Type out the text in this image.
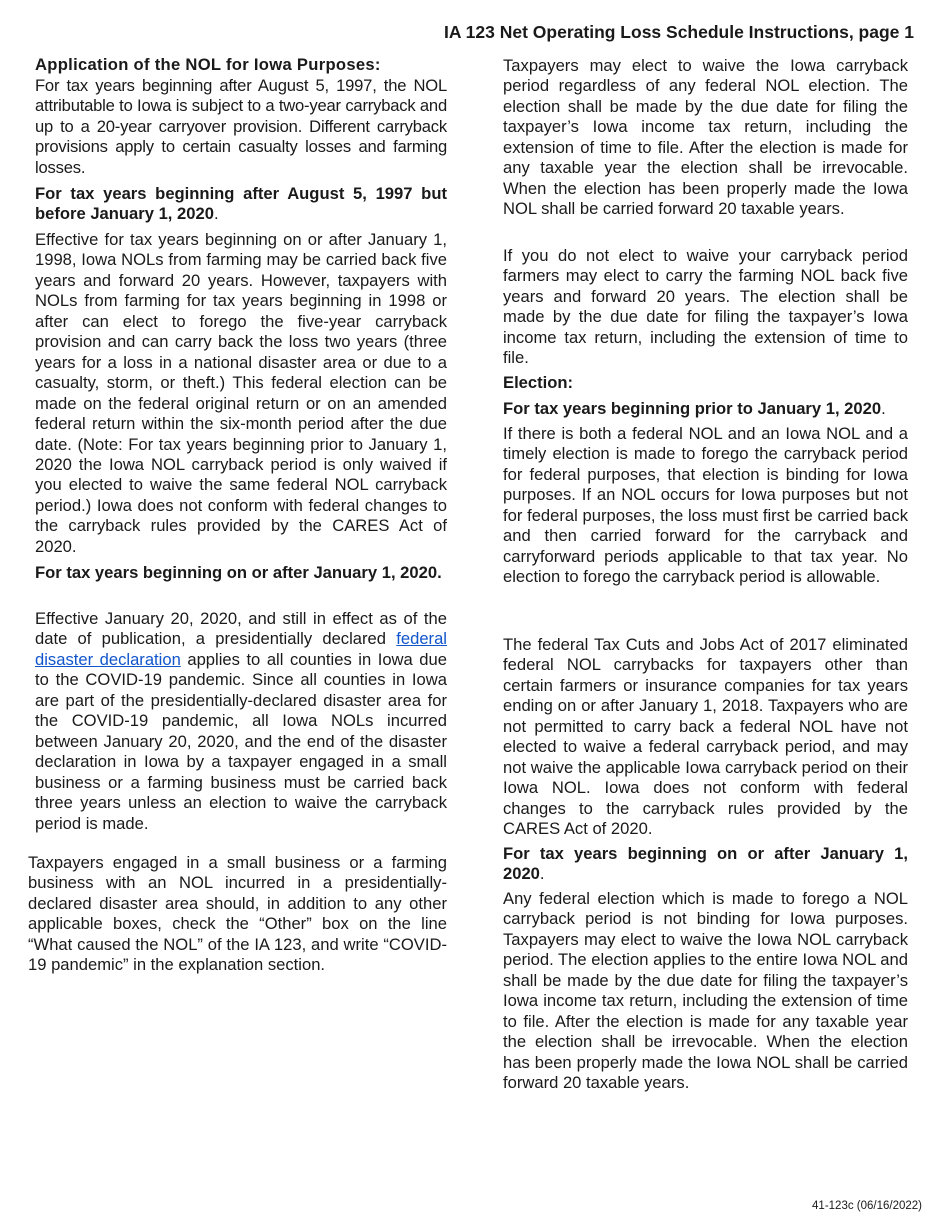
IA 123 Net Operating Loss Schedule Instructions, page 1

Application of the NOL for Iowa Purposes:

For tax years beginning after August 5, 1997, the NOL attributable to Iowa is subject to a two-year carryback and up to a 20-year carryover provision. Different carryback provisions apply to certain casualty losses and farming losses.

For tax years beginning after August 5, 1997 but before January 1, 2020.

Effective for tax years beginning on or after January 1, 1998, Iowa NOLs from farming may be carried back five years and forward 20 years. However, taxpayers with NOLs from farming for tax years beginning in 1998 or after can elect to forego the five-year carryback provision and can carry back the loss two years (three years for a loss in a national disaster area or due to a casualty, storm, or theft.) This federal election can be made on the federal original return or on an amended federal return within the six-month period after the due date. (Note: For tax years beginning prior to January 1, 2020 the Iowa NOL carryback period is only waived if you elected to waive the same federal NOL carryback period.) Iowa does not conform with federal changes to the carryback rules provided by the CARES Act of 2020.

For tax years beginning on or after January 1, 2020.

Effective January 20, 2020, and still in effect as of the date of publication, a presidentially declared federal disaster declaration applies to all counties in Iowa due to the COVID-19 pandemic. Since all counties in Iowa are part of the presidentially-declared disaster area for the COVID-19 pandemic, all Iowa NOLs incurred between January 20, 2020, and the end of the disaster declaration in Iowa by a taxpayer engaged in a small business or a farming business must be carried back three years unless an election to waive the carryback period is made.

Taxpayers engaged in a small business or a farming business with an NOL incurred in a presidentially-declared disaster area should, in addition to any other applicable boxes, check the “Other” box on the line “What caused the NOL” of the IA 123, and write “COVID-19 pandemic” in the explanation section.

Taxpayers may elect to waive the Iowa carryback period regardless of any federal NOL election. The election shall be made by the due date for filing the taxpayer’s Iowa income tax return, including the extension of time to file. After the election is made for any taxable year the election shall be irrevocable. When the election has been properly made the Iowa NOL shall be carried forward 20 taxable years.

If you do not elect to waive your carryback period farmers may elect to carry the farming NOL back five years and forward 20 years. The election shall be made by the due date for filing the taxpayer’s Iowa income tax return, including the extension of time to file.

Election:

For tax years beginning prior to January 1, 2020.

If there is both a federal NOL and an Iowa NOL and a timely election is made to forego the carryback period for federal purposes, that election is binding for Iowa purposes. If an NOL occurs for Iowa purposes but not for federal purposes, the loss must first be carried back and then carried forward for the carryback and carryforward periods applicable to that tax year. No election to forego the carryback period is allowable.

The federal Tax Cuts and Jobs Act of 2017 eliminated federal NOL carrybacks for taxpayers other than certain farmers or insurance companies for tax years ending on or after January 1, 2018. Taxpayers who are not permitted to carry back a federal NOL have not elected to waive a federal carryback period, and may not waive the applicable Iowa carryback period on their Iowa NOL. Iowa does not conform with federal changes to the carryback rules provided by the CARES Act of 2020.

For tax years beginning on or after January 1, 2020.

Any federal election which is made to forego a NOL carryback period is not binding for Iowa purposes. Taxpayers may elect to waive the Iowa NOL carryback period. The election applies to the entire Iowa NOL and shall be made by the due date for filing the taxpayer’s Iowa income tax return, including the extension of time to file. After the election is made for any taxable year the election shall be irrevocable. When the election has been properly made the Iowa NOL shall be carried forward 20 taxable years.

41-123c (06/16/2022)
